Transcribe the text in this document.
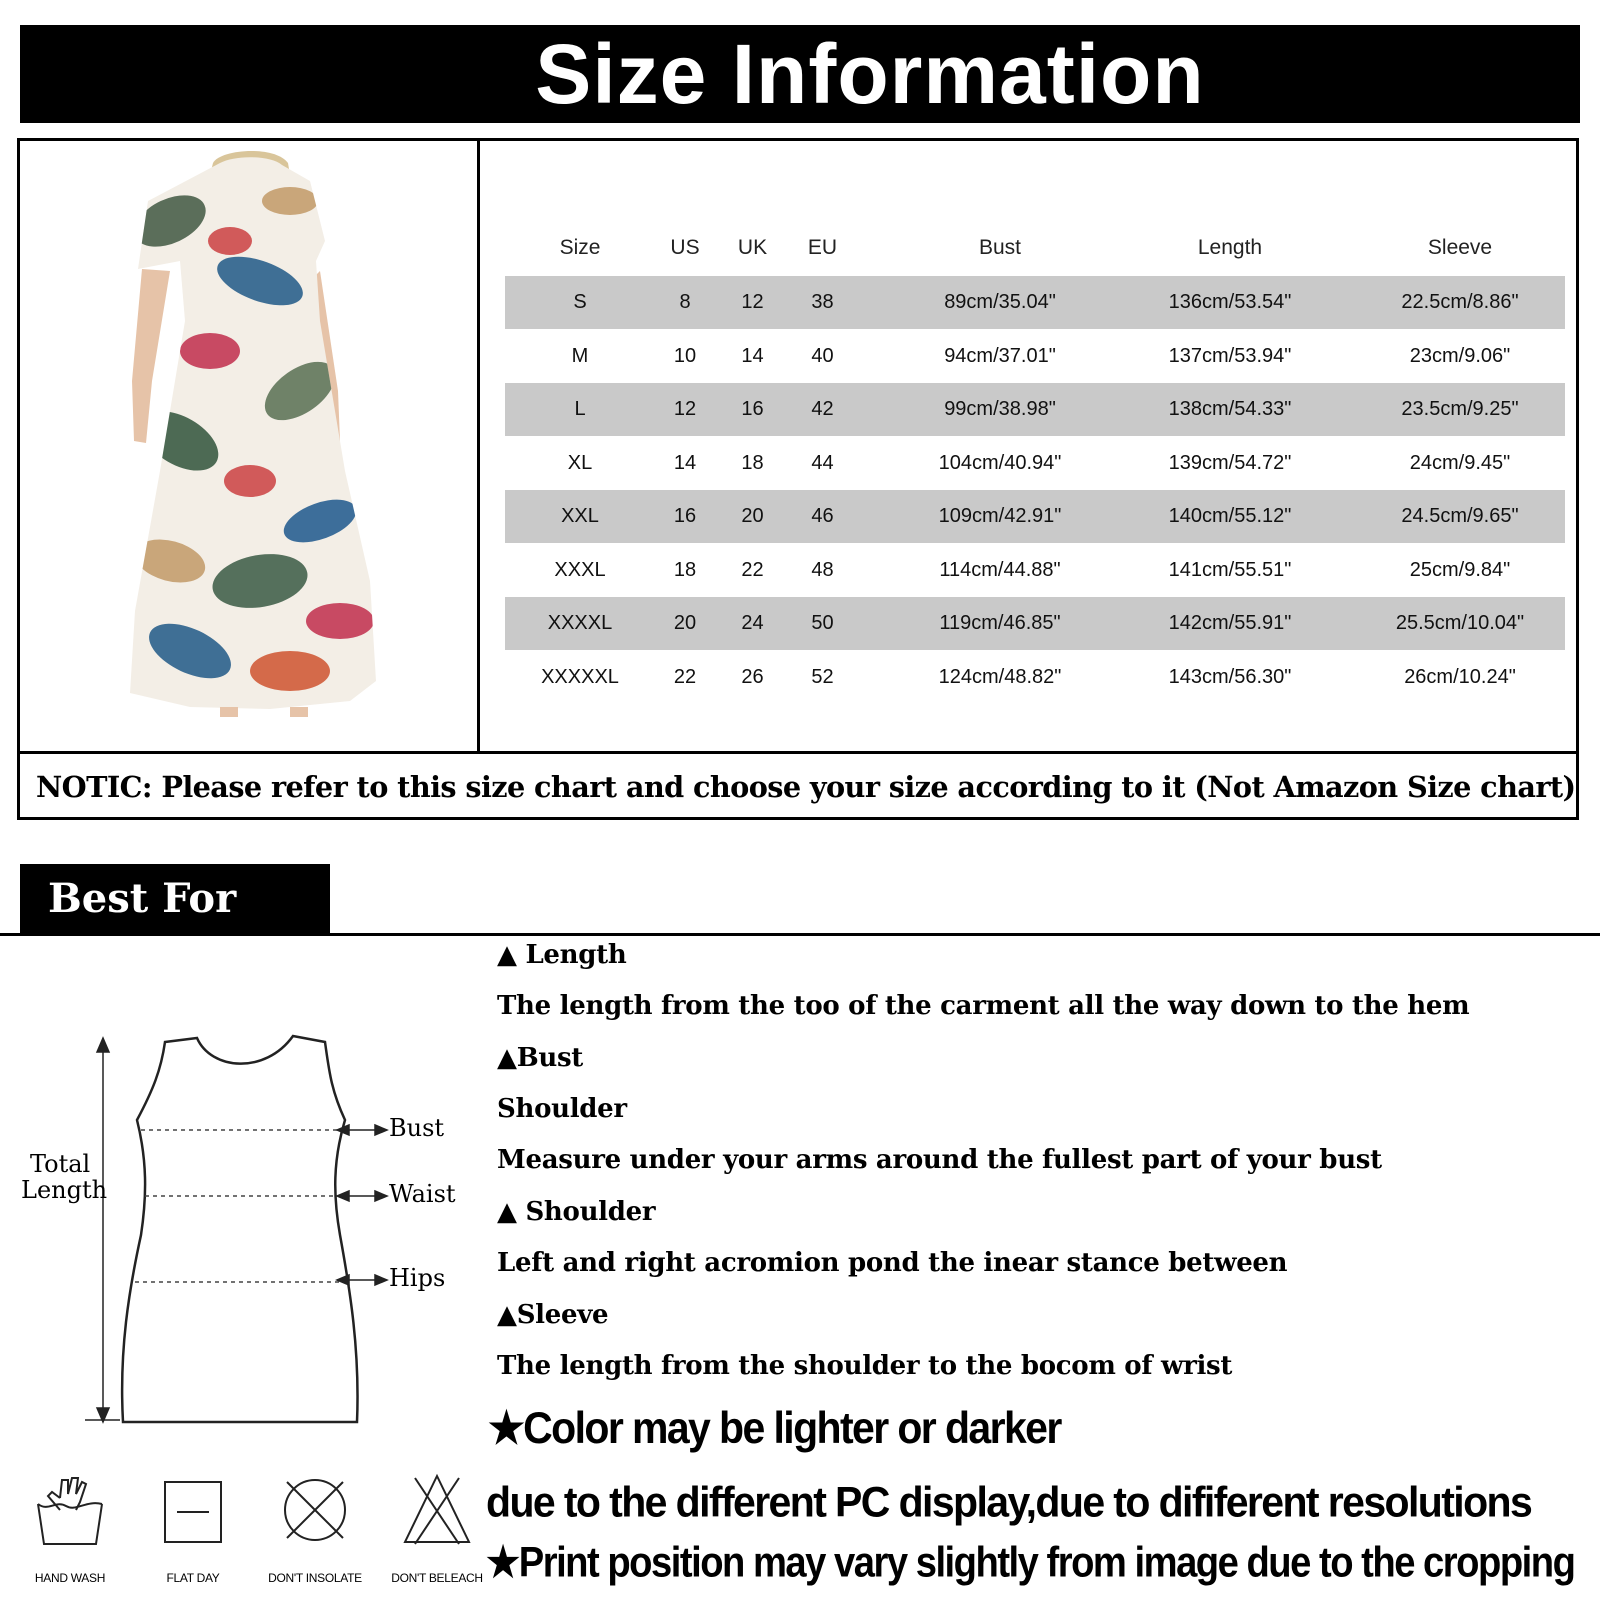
Size Information
Size	US	UK	EU	Bust	Length	Sleeve
S	8	12	38	89cm/35.04"	136cm/53.54"	22.5cm/8.86"
M	10	14	40	94cm/37.01"	137cm/53.94"	23cm/9.06"
L	12	16	42	99cm/38.98"	138cm/54.33"	23.5cm/9.25"
XL	14	18	44	104cm/40.94"	139cm/54.72"	24cm/9.45"
XXL	16	20	46	109cm/42.91"	140cm/55.12"	24.5cm/9.65"
XXXL	18	22	48	114cm/44.88"	141cm/55.51"	25cm/9.84"
XXXXL	20	24	50	119cm/46.85"	142cm/55.91"	25.5cm/10.04"
XXXXXL	22	26	52	124cm/48.82"	143cm/56.30"	26cm/10.24"
NOTIC: Please refer to this size chart and choose your size according to it (Not Amazon Size chart)
Best For You
Total
Length
Bust
Waist
Hips
HAND WASH	FLAT DAY	DON'T INSOLATE	DON'T BELEACH
▲ Length
The length from the too of the carment all the way down to the hem
▲Bust
Shoulder
Measure under your arms around the fullest part of your bust
▲ Shoulder
Left and right acromion pond the inear stance between
▲Sleeve
The length from the shoulder to the bocom of wrist
★Color may be lighter or darker
due to the different PC display,due to dififerent resolutions
★Print position may vary slightly from image due to the cropping
